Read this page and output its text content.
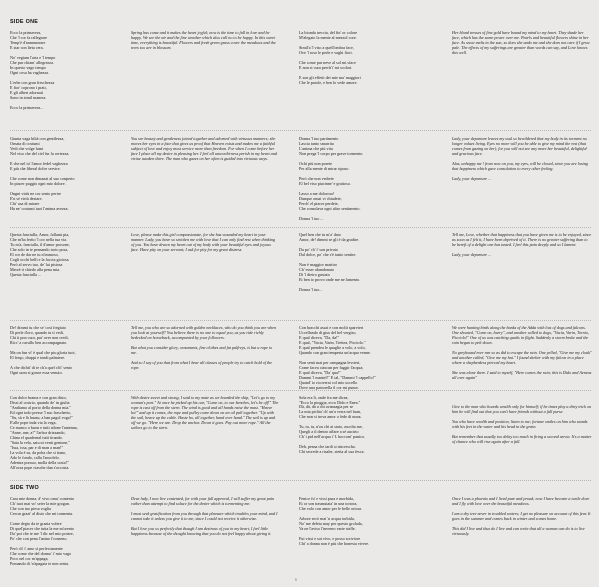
SIDE ONE
Ecco la primavera,
Che 'l cor fa rallegrare
Temp'è d'annamorare
E star con lieta cera.

No' vegiam l'aria e 'l tempo
Che pur chiam' allegrezza.
In questo vago tempo
Ogni cosa ha vaghezza.

L'erbe con gran freschezza
E fior' coprono i prati,
E gli alberi adornati
Sono in simil manera.

Ecco la primavera...
Giunta vaga biltà con gentilezza,
Ornata di costumi
Vedi che volge lumi
Nel viso che del ciel fur la certezza.

E che nel tu' l'amor fedel vaghezza
E più che liberal dolce servire.

Che come non dimanai al suo conperto
In piacer poggio ogni mio dolore.

Ongni virtù ne cor sento perire
E'n sé virtù destare.
Chi' usa di mirare
Ha ne' costumi tuoi l'anima avezza.
Questa fanciulla, Amor, fallami pia,
Che m'ha ferito 'l cor nella tua via.
Tu m'a, fanciulla, il d'amor prosone,
Che solo in te pensando troto posa,
El cor de dar ne tu n'immoso,
Cogli occhi belli e la faccia gioiosa.
Però al servo tuo, de' lai pistosa
Merzè ti chiedo alla pena mia.
Questa fanciulla ...
De! dimmi tu che se' così fregiato
Di perle d'oro, quando tu ti vedi,
Chi ti pon cuor, par' aver non credi,
Ricc' a cavallo ben accompagnato.

Ma on fun vi' è qual che piu gloria tuoi,
El freqo, drappi e tondi palmiere.

A che dichti' di te ch'a quel ch'i' sento
Ogni uom si gonce essa venuto.
Con dolce brama e con gran disio,
Dissi al costrio, quando de' in giulia
"Andiamo al porto della donna mia."
Ed ogni todo presse 'l suo fraschetto,
"Su, sù e là hausu, a ban pagol voga!"
E'alle pope inda via la vega,
Ce manco o buon e tutti ailone l'antenna,
"Anne, ane, a!" l'arbor drizzando,
China el quadernal tutti iirando.
"Saia la vela, saiu ni venti gentone,"
"Issa, issa, par e di man a man!"
La vola è su, da poba che si tiano,
Ado le fondo, calla l'ancolelo.
Adentra porsuo, molla della sosta!"
All'orza pope ciasche dun s'accosta.
SIDE TWO
Cara mie donna, d' vivo omu' contenta
Ch' tuoi mai vo' seier la mie grogan.
Che con tuo piesa voglia
Cercar grazi' al disio che mi tormenta.

Come degio da te grazia volere
Di quel'piacer che tutta la me m'orento
Da' poi che te me 'l dà: nel mio potere,
Po' che con pena l'anino l'conseno.

Però ch' i' amo sì perfectamente
Che come che del donno' i' mio vago
Poco nel cor m'appaga,
Pomando di 'n'apagata te non senta.
Spring has come and it makes the heart joyful; now is the time to fall in love and be happy. We see the air and the fine weather which also call no to be happy. In this sweet time, everything is beautiful. Flowers and fresh green grass cover the meadows and the trees too are in blossom.
You see beauty and gentleness joined together and adorned with virtuous manners; she moves her eyes in a face that gives us proof that Heaven exists and makes me a faithful subject of love and enjoy most service more than freedom. For when I come before her face I place all my desire in pleasing her. I feel all unworthi-ness perish in my heart and virtue awaken there. The man who gazes on her often is guided into virtuous ways.
Love, please make this girl compassionate, for she has wounded my heart in your manner. Lady, you have so stricken me with love that I can only find rest when thinking of you. You have drawn my heart out of my body with your beautiful eyes and joyous face. Have pity on your servant; I ask for pity for my great distress.
Tell me, you who are so adorned with golden necklaces, who do you think you are when you look at yourself? You believe there is no one to equal you, as you ride richly bedecked on horseback, accompanied by your followers.

But what you consider glory, ornaments, fine clothes and fat palfreys, is but a rope to me.

And so I say of you that from what I hear all classes of people try to catch hold of the rope.
With desire sweet and strong, I said to my mate as we boarded the ship, "Let's go to my woman's port." At once he picked up his oar, "Come on, to our benches, let's be off!" The rope is cast off from the stern. The wind is good and all hands raise the mast. "Heave ho!" and up it comes, the rope and pulley come down on an oil pull together. "Up with the sail, heave up the cable. Haste ho, all together, hand over hand." The sail is up and off we go. "Here we are. Drop the anchor. Down it goes. Pay out more rope." All the sailors go to the stern.
Dear lady, I now live contented, for with your full approval, I will suffer my great pain rather than attempt to find solace for the desire which is tormenting me.

I must seek gratification from you through that pleasure which troubles your mind, and I cannot take it unless you give it to me, since I could not receive it otherwise.

But I love you so perfectly that though I am desirous of you in my heart, I feel little happiness because of the thought knowing that you do not feel happy about giving it.
La bionda treccia, del fin' or colore
M'alegato la mente al mezzol core.

Simil'a 'l viso a quell'ombra face,
Ove 'l roso le perle e vaghi fiori.

Che come pur neve al sol mi sface
E non si cura perch'i' mi scolori.

E son gli effetti dei mie ma' maggiori
Che le parole, e ben lo vede amore.
Donna 'l tuo partimento
Lascia tanto smarrita
L'anima che più vita
Non prega 'l corpo per grave tormento.

Ochi più non porete
Per alla mente di mirar riposo.

Però che non vedrete
El bel viso piacinne' e gratioso.

Lasso a me doloroso!
Dunque omai vi chiudete,
Perch' el piacer perdete,
Che consolava ogni altro sentimento.

Donna 'l tuo ...
Quel ben che tu m'a' dato
Amor, de! dimmi se gli è da gradire.

Da po' ch' i' son privato
Dal dolce, po' che s'è tanto sentire.

Non è maggior martiro
Ch' esser abandonato
Di 'l dietro gustato
Et ben io provo onde me ne lamento.

Donna 'l tuo...
Con bracchi assai e con molti sparvieri
Uccellando di gius del bel vergiso,
E qual diceva, "Da, da!"
E qual, "Vacia, Varin, Trettea, Picciolo."
E qual prendea le quaglie a volo, a volo,
Quando con gran tempesta un'acqua venne.

Non senti mai per campagna levrieri,
Come facea ciascun per fuggir l'acqua;
E qual diceva, "Da' qua!"
Dammi 'l mantel!" E tal, "Dammi 'l cappello!"
Quand' io ricoverai col mio uccello
Dove una pastorella il cor mi punse.

Sola era lì, onde fra me dicea,
"Ecco la pioggia, ecco Dido e Enea."
Dà, dà, dà a chi avanzagia per se
La mia pichia' ch' un'a verra nel fuan,
Che non si trova amor o fede di nona.

Tu, tu, tu, n'ou chi ai stato, ascolta me,
Quegli a il dentro affare a sé aucirto
Ch' i pid nell'acqua i' L bocconi' panico.

Deh, pensa che tardi si rincrescha.
Chi secrede a risaler, stetta al sua fesca.
Fenice fu' e vissi pura e morbida,
Et or son trasmutata' in una tortora,
Che volo con amor per le belle ortora.

Arbore secò mai 'n acqua torbida,
No' me deleta may per questo grolada,
Va ne l'aviso l'inverno varie stelle.

Fui vissi e sui vivo, e posso scriviore
Chi' a donna non è più che honesta vivere.
Her blond tresses of fine gold have bound my mind to my heart. They shade her face, which has the same power over me. Pearls and beautiful flowers shine in her face. As snow melts in the sun, so does she undo me and she does not care if I grow pale. The effects of my sufferings are greater than words can say, and Love knows this well.
Lady, your departure leaves my soul so bewildered that my body in its torment no longer values living. Eyes no more will you be able to give my mind the rest (that comes from gazing on her), for you will not see any more her beautiful, delightful and gracious face.

Alas, unhappy me ! from now on you, my eyes, will be closed, since you are losing that happiness which gave consolation to every other feeling.

Lady, your departure ...
Tell me, Love, whether that happiness that you have given me is to be enjoyed, since as soon as I felt it, I have been deprived of it. There is no greater suffering than to be bereft of a delight one has tasted. I feel this pain deeply and so I lament.

Lady, your departure ...
We were hunting birds along the banks of the Adda with lots of dogs and falcons. One shouted, "Come on, hurry", and another called to dogs, "Vacia, Varin, Tornio, Picciolo!" One of us was catching quails in flight. Suddenly a storm broke and the rain began to pelt down.

No greyhound ever ran so as did to escape the rain. One yelled, "Give me my cloak" and another called, "Give me my hat." I found shelter with my falcon in a place where a shepherdess pierced my heart.

She was alone there. I said to myself, "Here comes the rain; this is Dido and Aeneas all over again"
Give to the man who hoards wealth only for himself; if he times play a dirty trick on him he will find out that you can't have friends without a full purse.

You who have wealth and position, listen to me; fortune smiles on him who stands with his feet in the water and his head in the grain.

But remember that usually too delay too much in firing a second arrow. It's a matter of chance who will rise again after a fall.
Once I was a phoenix and I lived pure and proud; now I have become a turtle dove and I fly with love over the beautiful meadows.

I am a dry tree never in troubled waters; I get no pleasure on account of this fear. It goes in the summer and comes back in winter and comes home.

This did I live and thus do I live and can write that all a woman can do is to live virtuously.
6
